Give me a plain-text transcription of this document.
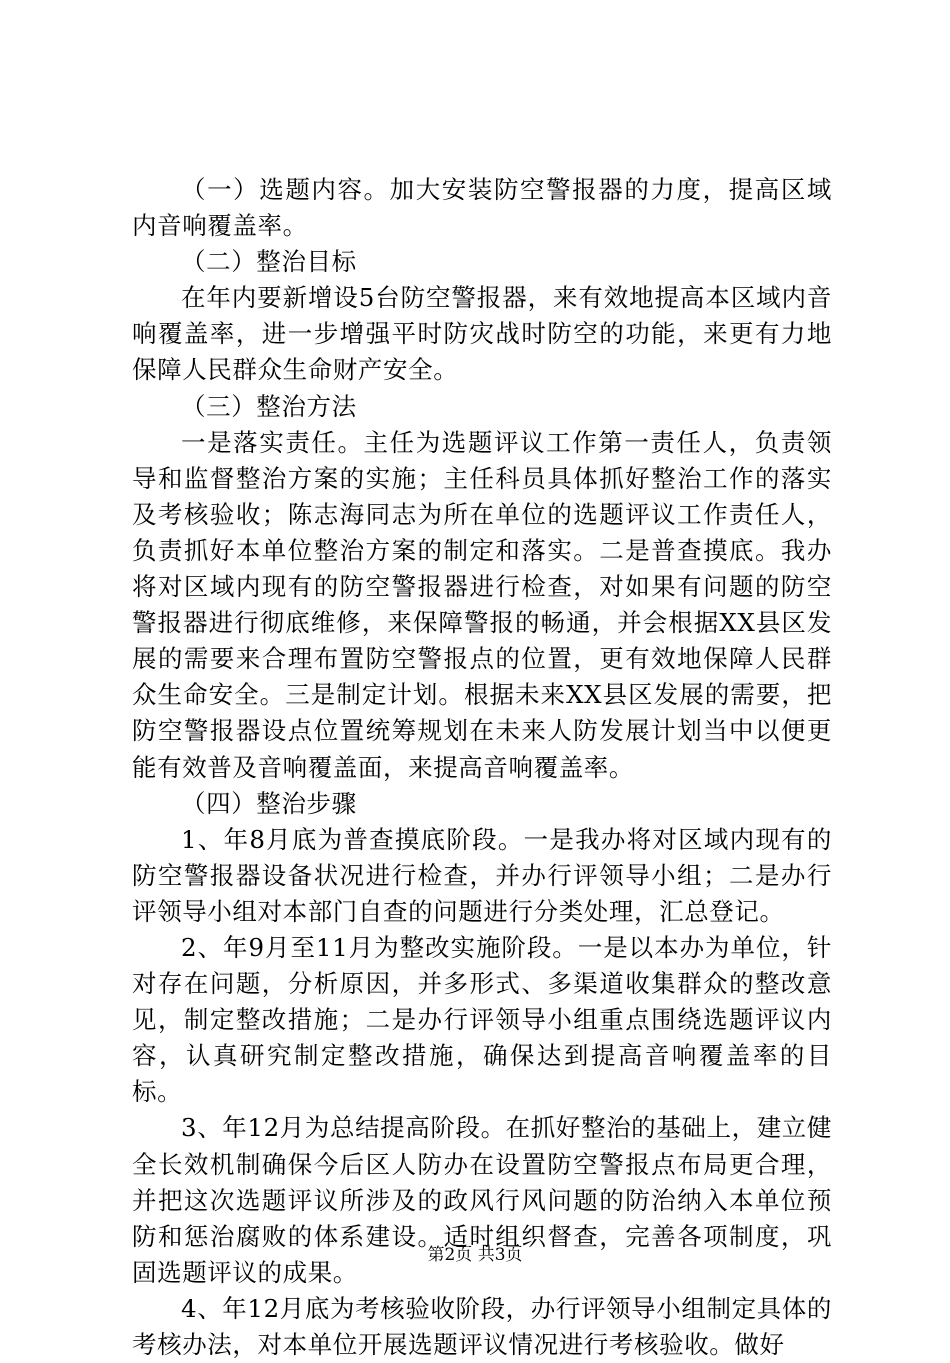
（一）选题内容。加大安装防空警报器的力度，提高区域内音响覆盖率。

（二）整治目标

在年内要新增设5台防空警报器，来有效地提高本区域内音响覆盖率，进一步增强平时防灾战时防空的功能，来更有力地保障人民群众生命财产安全。

（三）整治方法

一是落实责任。主任为选题评议工作第一责任人，负责领导和监督整治方案的实施；主任科员具体抓好整治工作的落实及考核验收；陈志海同志为所在单位的选题评议工作责任人，负责抓好本单位整治方案的制定和落实。二是普查摸底。我办将对区域内现有的防空警报器进行检查，对如果有问题的防空警报器进行彻底维修，来保障警报的畅通，并会根据XX县区发展的需要来合理布置防空警报点的位置，更有效地保障人民群众生命安全。三是制定计划。根据未来XX县区发展的需要，把防空警报器设点位置统筹规划在未来人防发展计划当中以便更能有效普及音响覆盖面，来提高音响覆盖率。

（四）整治步骤

1、年8月底为普查摸底阶段。一是我办将对区域内现有的防空警报器设备状况进行检查，并办行评领导小组；二是办行评领导小组对本部门自查的问题进行分类处理，汇总登记。

2、年9月至11月为整改实施阶段。一是以本办为单位，针对存在问题，分析原因，并多形式、多渠道收集群众的整改意见，制定整改措施；二是办行评领导小组重点围绕选题评议内容，认真研究制定整改措施，确保达到提高音响覆盖率的目标。

3、年12月为总结提高阶段。在抓好整治的基础上，建立健全长效机制确保今后区人防办在设置防空警报点布局更合理，并把这次选题评议所涉及的政风行风问题的防治纳入本单位预防和惩治腐败的体系建设。适时组织督查，完善各项制度，巩固选题评议的成果。

4、年12月底为考核验收阶段，办行评领导小组制定具体的考核办法，对本单位开展选题评议情况进行考核验收。做好

第2页 共3页
